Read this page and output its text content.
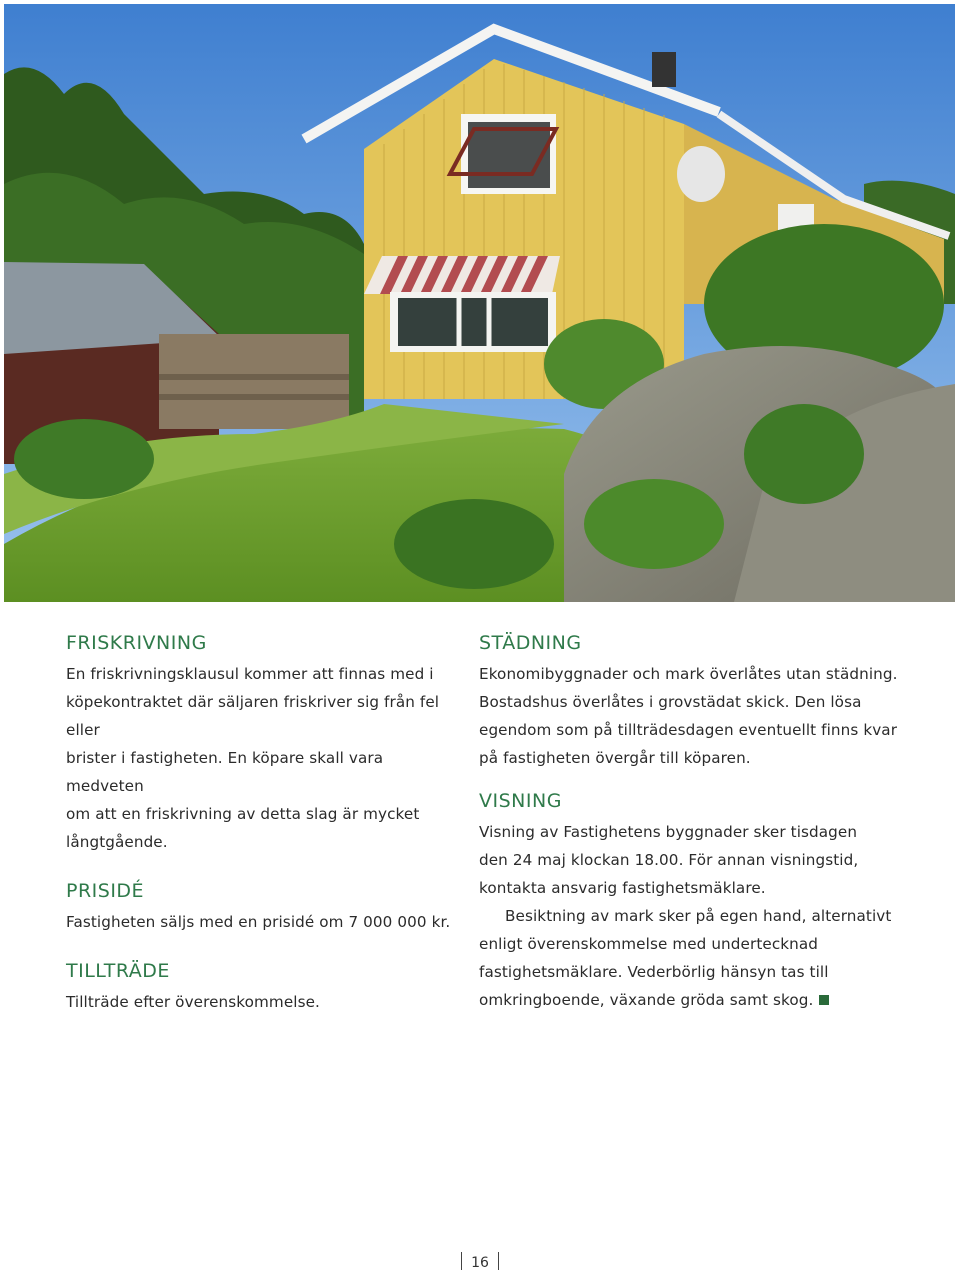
FRISKRIVNING

En friskrivningsklausul kommer att finnas med i
köpekontraktet där säljaren friskriver sig från fel eller
brister i fastigheten. En köpare skall vara medveten
om att en friskrivning av detta slag är mycket
långtgående.

PRISIDÉ

Fastigheten säljs med en prisidé om 7 000 000 kr.

TILLTRÄDE

Tillträde efter överenskommelse.

STÄDNING

Ekonomibyggnader och mark överlåtes utan städning.
Bostadshus överlåtes i grovstädat skick. Den lösa
egendom som på tillträdesdagen eventuellt finns kvar
på fastigheten övergår till köparen.

VISNING

Visning av Fastighetens byggnader sker tisdagen
den 24 maj klockan 18.00. För annan visningstid,
kontakta ansvarig fastighetsmäklare.

Besiktning av mark sker på egen hand, alternativt
enligt överenskommelse med undertecknad
fastighetsmäklare. Vederbörlig hänsyn tas till
omkringboende, växande gröda samt skog.

16
